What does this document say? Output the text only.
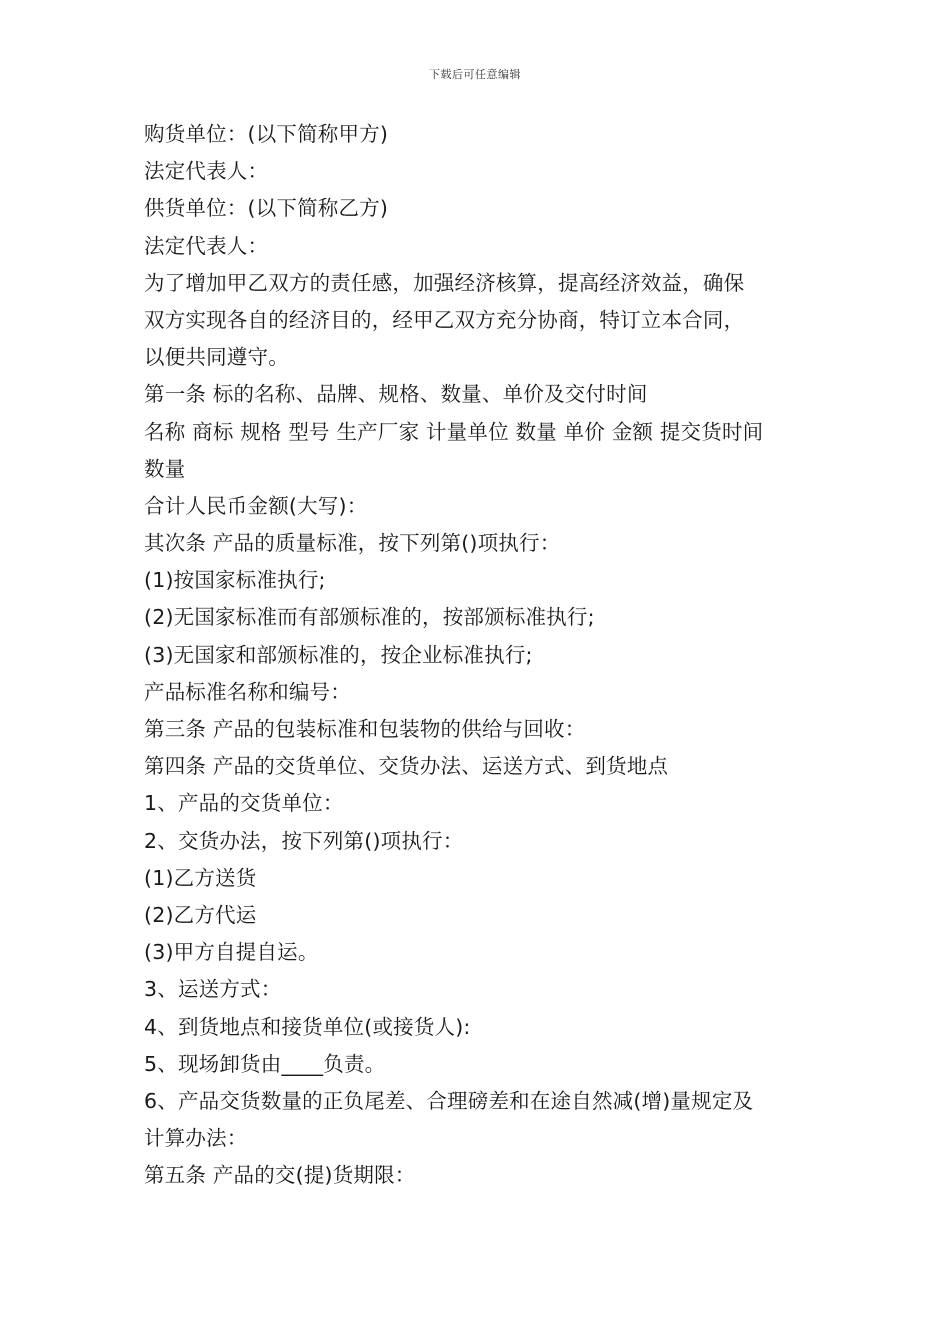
下载后可任意编辑
购货单位：(以下简称甲方)
法定代表人：
供货单位：(以下简称乙方)
法定代表人：
为了增加甲乙双方的责任感，加强经济核算，提高经济效益，确保
双方实现各自的经济目的，经甲乙双方充分协商，特订立本合同，
以便共同遵守。
第一条 标的名称、品牌、规格、数量、单价及交付时间
名称 商标 规格 型号 生产厂家 计量单位 数量 单价 金额 提交货时间
数量
合计人民币金额(大写)：
其次条 产品的质量标准，按下列第()项执行：
(1)按国家标准执行;
(2)无国家标准而有部颁标准的，按部颁标准执行;
(3)无国家和部颁标准的，按企业标准执行;
产品标准名称和编号：
第三条 产品的包装标准和包装物的供给与回收：
第四条 产品的交货单位、交货办法、运送方式、到货地点
1、产品的交货单位：
2、交货办法，按下列第()项执行：
(1)乙方送货
(2)乙方代运
(3)甲方自提自运。
3、运送方式：
4、到货地点和接货单位(或接货人):
5、现场卸货由____负责。
6、产品交货数量的正负尾差、合理磅差和在途自然减(增)量规定及
计算办法：
第五条 产品的交(提)货期限：
